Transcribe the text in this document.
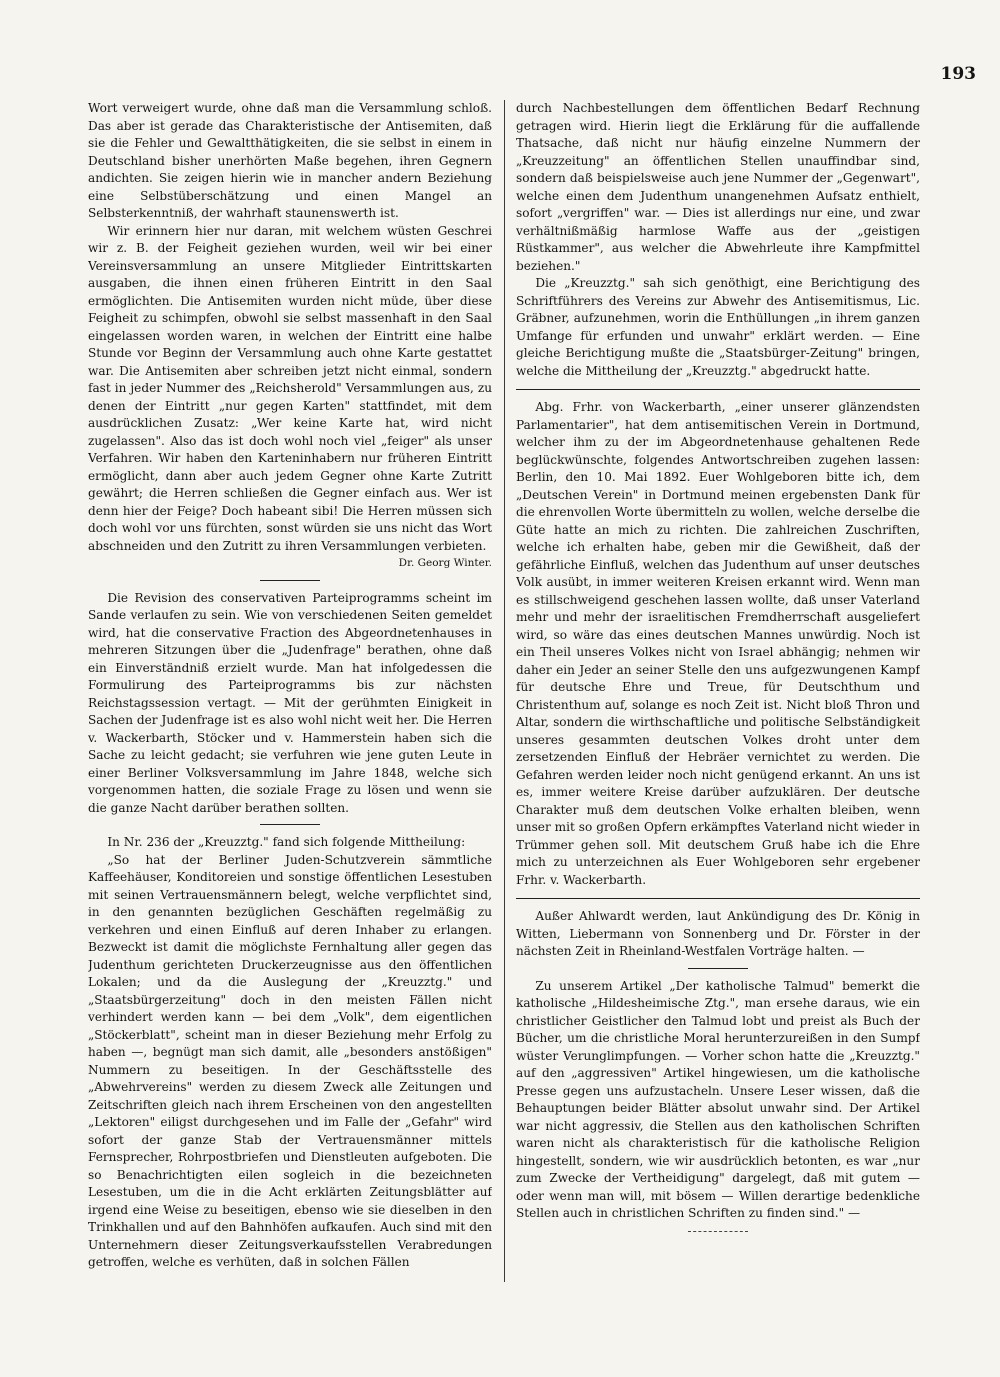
193

Wort verweigert wurde, ohne daß man die Versammlung schloß. Das aber ist gerade das Charakteristische der Antisemiten, daß sie die Fehler und Gewaltthätigkeiten, die sie selbst in einem in Deutschland bisher unerhörten Maße begehen, ihren Gegnern andichten. Sie zeigen hierin wie in mancher andern Beziehung eine Selbstüberschätzung und einen Mangel an Selbsterkenntniß, der wahrhaft staunenswerth ist.

Wir erinnern hier nur daran, mit welchem wüsten Geschrei wir z. B. der Feigheit geziehen wurden, weil wir bei einer Vereinsversammlung an unsere Mitglieder Eintrittskarten ausgaben, die ihnen einen früheren Eintritt in den Saal ermöglichten. Die Antisemiten wurden nicht müde, über diese Feigheit zu schimpfen, obwohl sie selbst massenhaft in den Saal eingelassen worden waren, in welchen der Eintritt eine halbe Stunde vor Beginn der Versammlung auch ohne Karte gestattet war. Die Antisemiten aber schreiben jetzt nicht einmal, sondern fast in jeder Nummer des „Reichsherold" Versammlungen aus, zu denen der Eintritt „nur gegen Karten" stattfindet, mit dem ausdrücklichen Zusatz: „Wer keine Karte hat, wird nicht zugelassen". Also das ist doch wohl noch viel „feiger" als unser Verfahren. Wir haben den Karteninhabern nur früheren Eintritt ermöglicht, dann aber auch jedem Gegner ohne Karte Zutritt gewährt; die Herren schließen die Gegner einfach aus. Wer ist denn hier der Feige? Doch habeant sibi! Die Herren müssen sich doch wohl vor uns fürchten, sonst würden sie uns nicht das Wort abschneiden und den Zutritt zu ihren Versammlungen verbieten.

Dr. Georg Winter.

Die Revision des conservativen Parteiprogramms scheint im Sande verlaufen zu sein. Wie von verschiedenen Seiten gemeldet wird, hat die conservative Fraction des Abgeordnetenhauses in mehreren Sitzungen über die „Judenfrage" berathen, ohne daß ein Einverständniß erzielt wurde. Man hat infolgedessen die Formulirung des Parteiprogramms bis zur nächsten Reichstagssession vertagt. — Mit der gerühmten Einigkeit in Sachen der Judenfrage ist es also wohl nicht weit her. Die Herren v. Wackerbarth, Stöcker und v. Hammerstein haben sich die Sache zu leicht gedacht; sie verfuhren wie jene guten Leute in einer Berliner Volksversammlung im Jahre 1848, welche sich vorgenommen hatten, die soziale Frage zu lösen und wenn sie die ganze Nacht darüber berathen sollten.

In Nr. 236 der „Kreuzztg." fand sich folgende Mittheilung:

„So hat der Berliner Juden-Schutzverein sämmtliche Kaffeehäuser, Konditoreien und sonstige öffentlichen Lesestuben mit seinen Vertrauensmännern belegt, welche verpflichtet sind, in den genannten bezüglichen Geschäften regelmäßig zu verkehren und einen Einfluß auf deren Inhaber zu erlangen. Bezweckt ist damit die möglichste Fernhaltung aller gegen das Judenthum gerichteten Druckerzeugnisse aus den öffentlichen Lokalen; und da die Auslegung der „Kreuzztg." und „Staatsbürgerzeitung" doch in den meisten Fällen nicht verhindert werden kann — bei dem „Volk", dem eigentlichen „Stöckerblatt", scheint man in dieser Beziehung mehr Erfolg zu haben —, begnügt man sich damit, alle „besonders anstößigen" Nummern zu beseitigen. In der Geschäftsstelle des „Abwehrvereins" werden zu diesem Zweck alle Zeitungen und Zeitschriften gleich nach ihrem Erscheinen von den angestellten „Lektoren" eiligst durchgesehen und im Falle der „Gefahr" wird sofort der ganze Stab der Vertrauensmänner mittels Fernsprecher, Rohrpostbriefen und Dienstleuten aufgeboten. Die so Benachrichtigten eilen sogleich in die bezeichneten Lesestuben, um die in die Acht erklärten Zeitungsblätter auf irgend eine Weise zu beseitigen, ebenso wie sie dieselben in den Trinkhallen und auf den Bahnhöfen aufkaufen. Auch sind mit den Unternehmern dieser Zeitungsverkaufsstellen Verabredungen getroffen, welche es verhüten, daß in solchen Fällen

durch Nachbestellungen dem öffentlichen Bedarf Rechnung getragen wird. Hierin liegt die Erklärung für die auffallende Thatsache, daß nicht nur häufig einzelne Nummern der „Kreuzzeitung" an öffentlichen Stellen unauffindbar sind, sondern daß beispielsweise auch jene Nummer der „Gegenwart", welche einen dem Judenthum unangenehmen Aufsatz enthielt, sofort „vergriffen" war. — Dies ist allerdings nur eine, und zwar verhältnißmäßig harmlose Waffe aus der „geistigen Rüstkammer", aus welcher die Abwehrleute ihre Kampfmittel beziehen."

Die „Kreuzztg." sah sich genöthigt, eine Berichtigung des Schriftführers des Vereins zur Abwehr des Antisemitismus, Lic. Gräbner, aufzunehmen, worin die Enthüllungen „in ihrem ganzen Umfange für erfunden und unwahr" erklärt werden. — Eine gleiche Berichtigung mußte die „Staatsbürger-Zeitung" bringen, welche die Mittheilung der „Kreuzztg." abgedruckt hatte.

Abg. Frhr. von Wackerbarth, „einer unserer glänzendsten Parlamentarier", hat dem antisemitischen Verein in Dortmund, welcher ihm zu der im Abgeordnetenhause gehaltenen Rede beglückwünschte, folgendes Antwortschreiben zugehen lassen: Berlin, den 10. Mai 1892. Euer Wohlgeboren bitte ich, dem „Deutschen Verein" in Dortmund meinen ergebensten Dank für die ehrenvollen Worte übermitteln zu wollen, welche derselbe die Güte hatte an mich zu richten. Die zahlreichen Zuschriften, welche ich erhalten habe, geben mir die Gewißheit, daß der gefährliche Einfluß, welchen das Judenthum auf unser deutsches Volk ausübt, in immer weiteren Kreisen erkannt wird. Wenn man es stillschweigend geschehen lassen wollte, daß unser Vaterland mehr und mehr der israelitischen Fremdherrschaft ausgeliefert wird, so wäre das eines deutschen Mannes unwürdig. Noch ist ein Theil unseres Volkes nicht von Israel abhängig; nehmen wir daher ein Jeder an seiner Stelle den uns aufgezwungenen Kampf für deutsche Ehre und Treue, für Deutschthum und Christenthum auf, solange es noch Zeit ist. Nicht bloß Thron und Altar, sondern die wirthschaftliche und politische Selbständigkeit unseres gesammten deutschen Volkes droht unter dem zersetzenden Einfluß der Hebräer vernichtet zu werden. Die Gefahren werden leider noch nicht genügend erkannt. An uns ist es, immer weitere Kreise darüber aufzuklären. Der deutsche Charakter muß dem deutschen Volke erhalten bleiben, wenn unser mit so großen Opfern erkämpftes Vaterland nicht wieder in Trümmer gehen soll. Mit deutschem Gruß habe ich die Ehre mich zu unterzeichnen als Euer Wohlgeboren sehr ergebener Frhr. v. Wackerbarth.

Außer Ahlwardt werden, laut Ankündigung des Dr. König in Witten, Liebermann von Sonnenberg und Dr. Förster in der nächsten Zeit in Rheinland-Westfalen Vorträge halten. —

Zu unserem Artikel „Der katholische Talmud" bemerkt die katholische „Hildesheimische Ztg.", man ersehe daraus, wie ein christlicher Geistlicher den Talmud lobt und preist als Buch der Bücher, um die christliche Moral herunterzureißen in den Sumpf wüster Verunglimpfungen. — Vorher schon hatte die „Kreuzztg." auf den „aggressiven" Artikel hingewiesen, um die katholische Presse gegen uns aufzustacheln. Unsere Leser wissen, daß die Behauptungen beider Blätter absolut unwahr sind. Der Artikel war nicht aggressiv, die Stellen aus den katholischen Schriften waren nicht als charakteristisch für die katholische Religion hingestellt, sondern, wie wir ausdrücklich betonten, es war „nur zum Zwecke der Vertheidigung" dargelegt, daß mit gutem — oder wenn man will, mit bösem — Willen derartige bedenkliche Stellen auch in christlichen Schriften zu finden sind." —
